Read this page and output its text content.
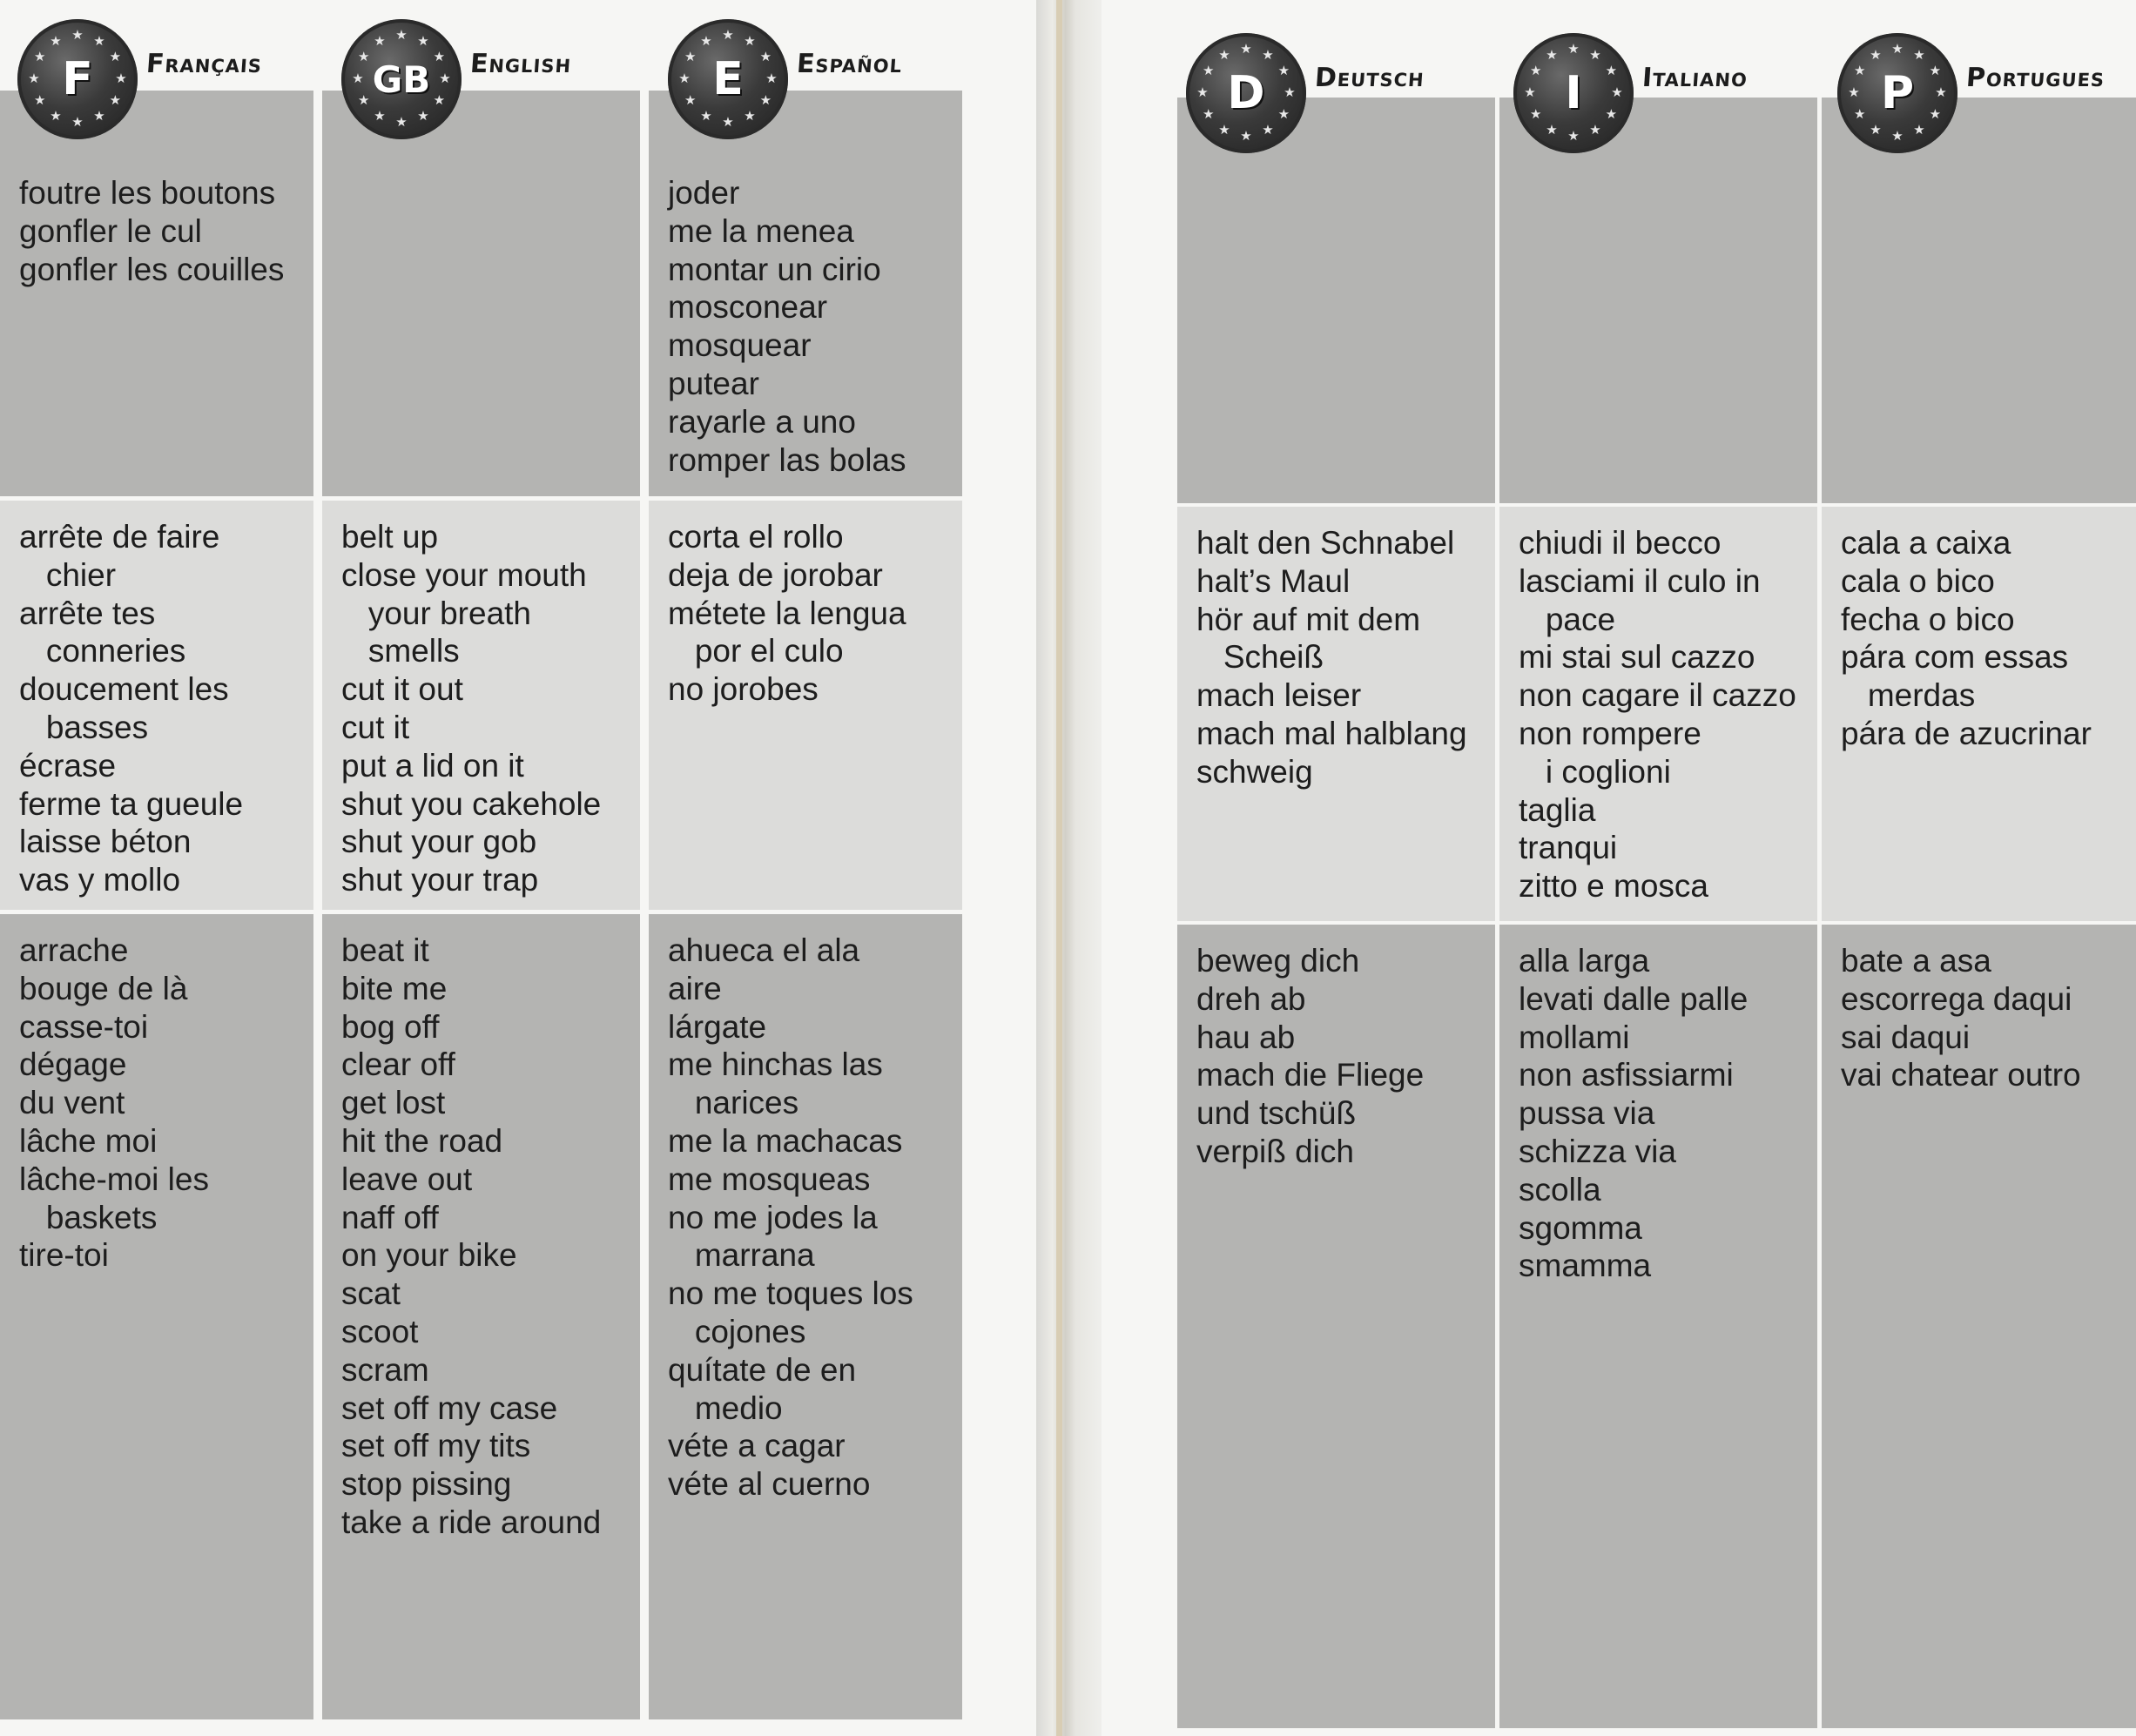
foutre les boutons
gonfler le cul
gonfler les couilles
arrête de faire
chier
arrête tes
conneries
doucement les
basses
écrase
ferme ta gueule
laisse béton
vas y mollo
arrache
bouge de là
casse-toi
dégage
du vent
lâche moi
lâche-moi les
baskets
tire-toi
★ ★
★
★
★
★
★
★
★
★
★
★
F	Français
belt up
close your mouth
your breath
smells
cut it out
cut it
put a lid on it
shut you cakehole
shut your gob
shut your trap
beat it
bite me
bog off
clear off
get lost
hit the road
leave out
naff off
on your bike
scat
scoot
scram
set off my case
set off my tits
stop pissing
take a ride around
★ ★
★
★
★
★
★
★
★
★
★
★
GB	English
joder
me la menea
montar un cirio
mosconear
mosquear
putear
rayarle a uno
romper las bolas
corta el rollo
deja de jorobar
métete la lengua
por el culo
no jorobes
ahueca el ala
aire
lárgate
me hinchas las
narices
me la machacas
me mosqueas
no me jodes la
marrana
no me toques los
cojones
quítate de en
medio
véte a cagar
véte al cuerno
★ ★
★
★
★
★
★
★
★
★
★
★
E	Español
halt den Schnabel
halt’s Maul
hör auf mit dem
Scheiß
mach leiser
mach mal halblang
schweig
beweg dich
dreh ab
hau ab
mach die Fliege
und tschüß
verpiß dich
★ ★
★
★
★
★
★
★
★
★
★
★
D	Deutsch
chiudi il becco
lasciami il culo in
pace
mi stai sul cazzo
non cagare il cazzo
non rompere
i coglioni
taglia
tranqui
zitto e mosca
alla larga
levati dalle palle
mollami
non asfissiarmi
pussa via
schizza via
scolla
sgomma
smamma
★ ★
★
★
★
★
★
★
★
★
★
★
I	Italiano
cala a caixa
cala o bico
fecha o bico
pára com essas
merdas
pára de azucrinar
bate a asa
escorrega daqui
sai daqui
vai chatear outro
★ ★
★
★
★
★
★
★
★
★
★
★
P	Portugues
